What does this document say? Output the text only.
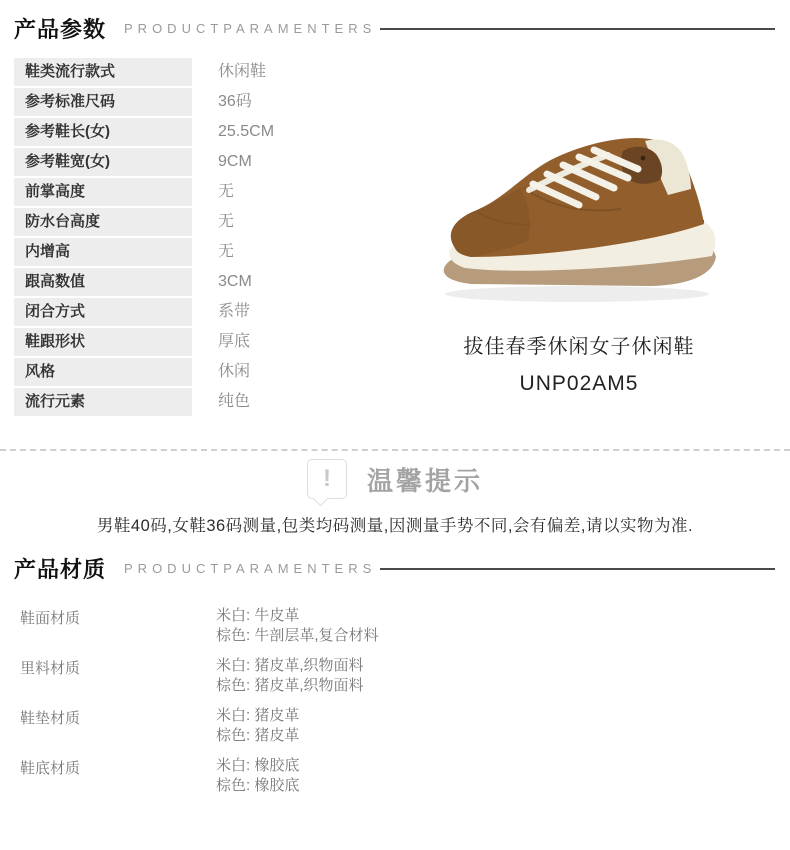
产品参数 PRODUCTPARAMENTERS
鞋类流行款式	休闲鞋
参考标准尺码	36码
参考鞋长(女)	25.5CM
参考鞋宽(女)	9CM
前掌高度	无
防水台高度	无
内增高	无
跟高数值	3CM
闭合方式	系带
鞋跟形状	厚底
风格	休闲
流行元素	纯色
拔佳春季休闲女子休闲鞋
UNP02AM5
!	温馨提示
男鞋40码,女鞋36码测量,包类均码测量,因测量手势不同,会有偏差,请以实物为准.
产品材质 PRODUCTPARAMENTERS
鞋面材质	米白: 牛皮革
棕色: 牛剖层革,复合材料
里料材质	米白: 猪皮革,织物面料
棕色: 猪皮革,织物面料
鞋垫材质	米白: 猪皮革
棕色: 猪皮革
鞋底材质	米白: 橡胶底
棕色: 橡胶底
